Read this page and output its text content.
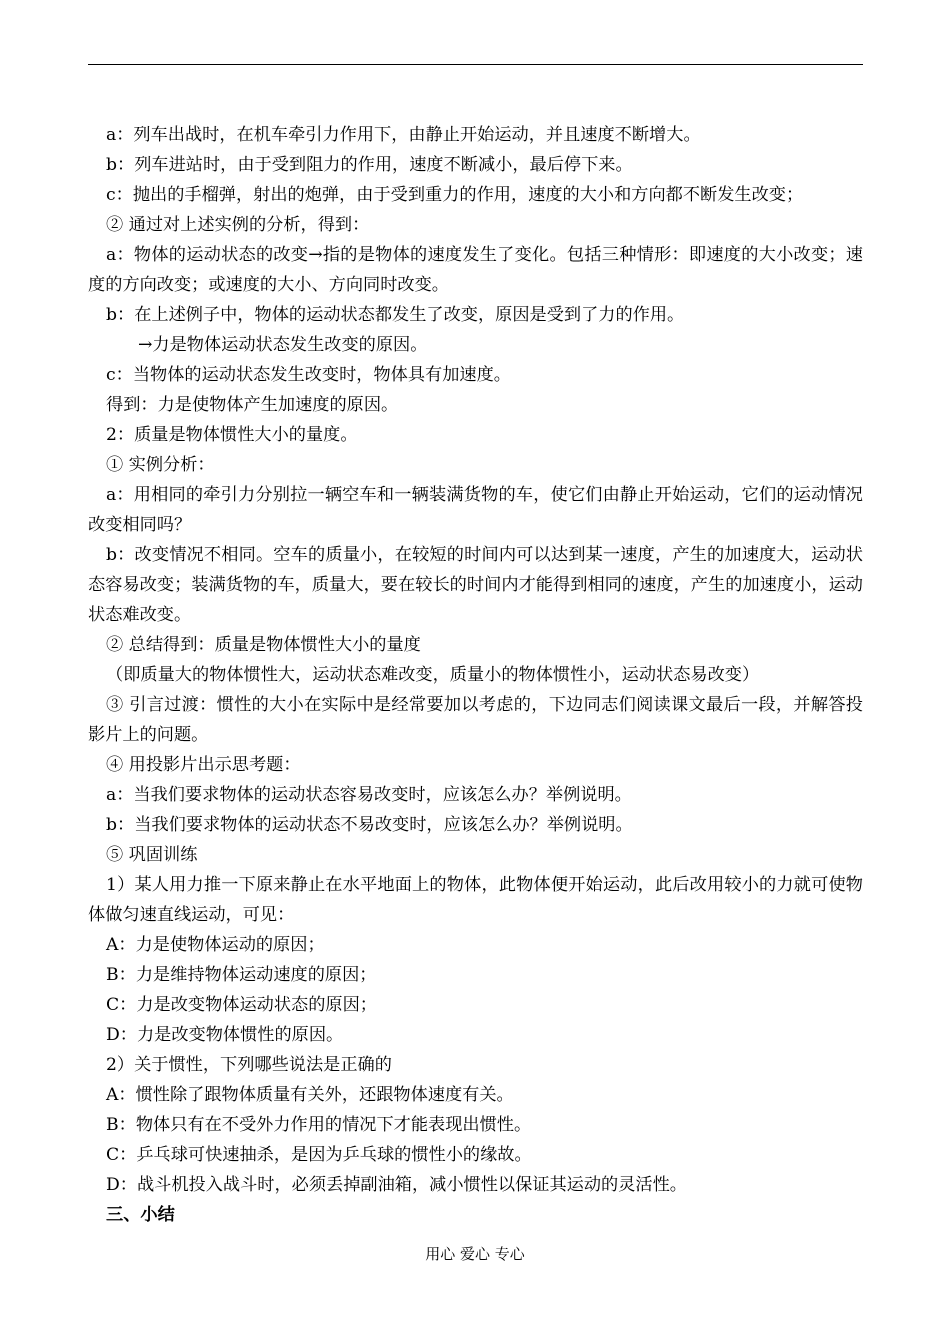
a：列车出战时，在机车牵引力作用下，由静止开始运动，并且速度不断增大。

b：列车进站时，由于受到阻力的作用，速度不断减小，最后停下来。

c：抛出的手榴弹，射出的炮弹，由于受到重力的作用，速度的大小和方向都不断发生改变；

② 通过对上述实例的分析，得到：

a：物体的运动状态的改变→指的是物体的速度发生了变化。包括三种情形：即速度的大小改变；速度的方向改变；或速度的大小、方向同时改变。

b：在上述例子中，物体的运动状态都发生了改变，原因是受到了力的作用。

→力是物体运动状态发生改变的原因。

c：当物体的运动状态发生改变时，物体具有加速度。

得到：力是使物体产生加速度的原因。

2：质量是物体惯性大小的量度。

① 实例分析：

a：用相同的牵引力分别拉一辆空车和一辆装满货物的车，使它们由静止开始运动，它们的运动情况改变相同吗？

b：改变情况不相同。空车的质量小，在较短的时间内可以达到某一速度，产生的加速度大，运动状态容易改变；装满货物的车，质量大，要在较长的时间内才能得到相同的速度，产生的加速度小，运动状态难改变。

② 总结得到：质量是物体惯性大小的量度

（即质量大的物体惯性大，运动状态难改变，质量小的物体惯性小，运动状态易改变）

③ 引言过渡：惯性的大小在实际中是经常要加以考虑的，下边同志们阅读课文最后一段，并解答投影片上的问题。

④ 用投影片出示思考题：

a：当我们要求物体的运动状态容易改变时，应该怎么办？举例说明。

b：当我们要求物体的运动状态不易改变时，应该怎么办？举例说明。

⑤ 巩固训练

1）某人用力推一下原来静止在水平地面上的物体，此物体便开始运动，此后改用较小的力就可使物体做匀速直线运动，可见：

A：力是使物体运动的原因；

B：力是维持物体运动速度的原因；

C：力是改变物体运动状态的原因；

D：力是改变物体惯性的原因。

2）关于惯性，下列哪些说法是正确的

A：惯性除了跟物体质量有关外，还跟物体速度有关。

B：物体只有在不受外力作用的情况下才能表现出惯性。

C：乒乓球可快速抽杀，是因为乒乓球的惯性小的缘故。

D：战斗机投入战斗时，必须丢掉副油箱，减小惯性以保证其运动的灵活性。

三、小结

用心 爱心 专心
